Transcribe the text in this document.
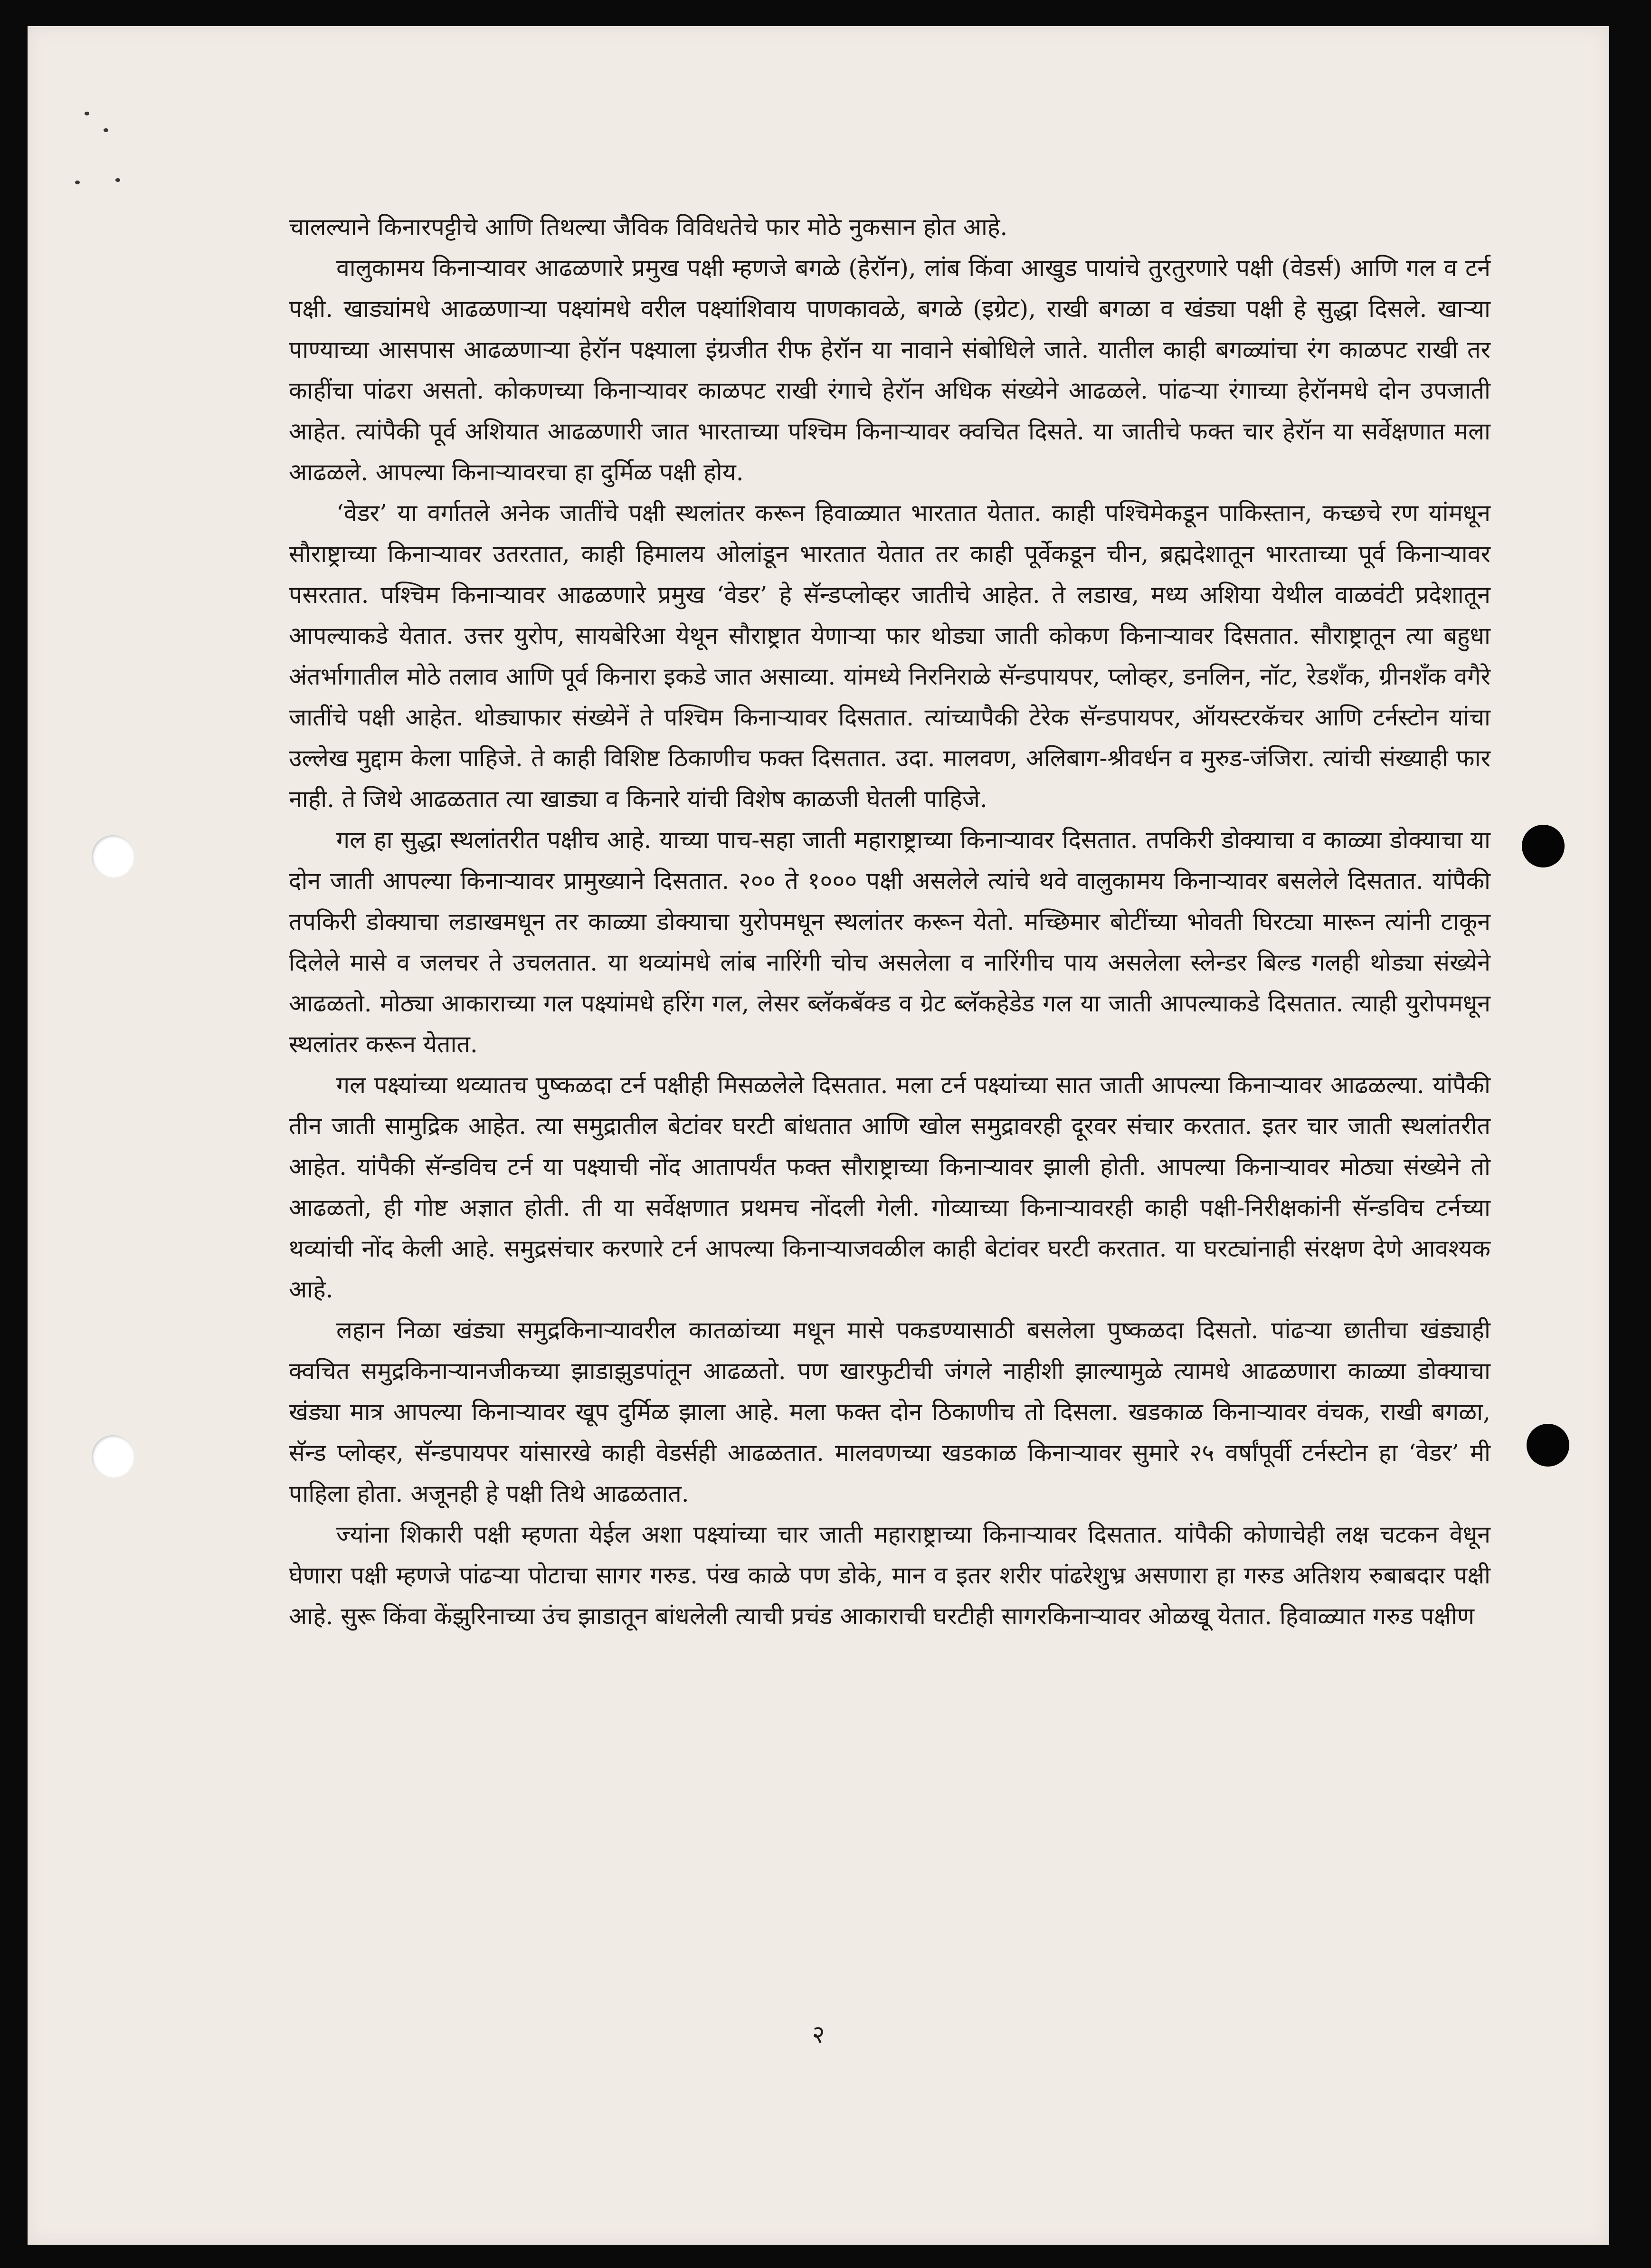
चालल्याने किनारपट्टीचे आणि तिथल्या जैविक विविधतेचे फार मोठे नुकसान होत आहे.

वालुकामय किनाऱ्यावर आढळणारे प्रमुख पक्षी म्हणजे बगळे (हेरॉन), लांब किंवा आखुड पायांचे तुरतुरणारे पक्षी (वेडर्स) आणि गल व टर्न पक्षी. खाड्यांमधे आढळणाऱ्या पक्ष्यांमधे वरील पक्ष्यांशिवाय पाणकावळे, बगळे (इग्रेट), राखी बगळा व खंड्या पक्षी हे सुद्धा दिसले. खाऱ्या पाण्याच्या आसपास आढळणाऱ्या हेरॉन पक्ष्याला इंग्रजीत रीफ हेरॉन या नावाने संबोधिले जाते. यातील काही बगळ्यांचा रंग काळपट राखी तर काहींचा पांढरा असतो. कोकणच्या किनाऱ्यावर काळपट राखी रंगाचे हेरॉन अधिक संख्येने आढळले. पांढऱ्या रंगाच्या हेरॉनमधे दोन उपजाती आहेत. त्यांपैकी पूर्व अशियात आढळणारी जात भारताच्या पश्चिम किनाऱ्यावर क्वचित दिसते. या जातीचे फक्त चार हेरॉन या सर्वेक्षणात मला आढळले. आपल्या किनाऱ्यावरचा हा दुर्मिळ पक्षी होय.

‘वेडर’ या वर्गातले अनेक जातींचे पक्षी स्थलांतर करून हिवाळ्यात भारतात येतात. काही पश्चिमेकडून पाकिस्तान, कच्छचे रण यांमधून सौराष्ट्राच्या किनाऱ्यावर उतरतात, काही हिमालय ओलांडून भारतात येतात तर काही पूर्वेकडून चीन, ब्रह्मदेशातून भारताच्या पूर्व किनाऱ्यावर पसरतात. पश्चिम किनाऱ्यावर आढळणारे प्रमुख ‘वेडर’ हे सॅन्डप्लोव्हर जातीचे आहेत. ते लडाख, मध्य अशिया येथील वाळवंटी प्रदेशातून आपल्याकडे येतात. उत्तर युरोप, सायबेरिआ येथून सौराष्ट्रात येणाऱ्या फार थोड्या जाती कोकण किनाऱ्यावर दिसतात. सौराष्ट्रातून त्या बहुधा अंतर्भागातील मोठे तलाव आणि पूर्व किनारा इकडे जात असाव्या. यांमध्ये निरनिराळे सॅन्डपायपर, प्लोव्हर, डनलिन, नॉट, रेडशँक, ग्रीनशँक वगैरे जातींचे पक्षी आहेत. थोड्याफार संख्येनें ते पश्चिम किनाऱ्यावर दिसतात. त्यांच्यापैकी टेरेक सॅन्डपायपर, ऑयस्टरकॅचर आणि टर्नस्टोन यांचा उल्लेख मुद्दाम केला पाहिजे. ते काही विशिष्ट ठिकाणीच फक्त दिसतात. उदा. मालवण, अलिबाग-श्रीवर्धन व मुरुड-जंजिरा. त्यांची संख्याही फार नाही. ते जिथे आढळतात त्या खाड्या व किनारे यांची विशेष काळजी घेतली पाहिजे.

गल हा सुद्धा स्थलांतरीत पक्षीच आहे. याच्या पाच-सहा जाती महाराष्ट्राच्या किनाऱ्यावर दिसतात. तपकिरी डोक्याचा व काळ्या डोक्याचा या दोन जाती आपल्या किनाऱ्यावर प्रामुख्याने दिसतात. २०० ते १००० पक्षी असलेले त्यांचे थवे वालुकामय किनाऱ्यावर बसलेले दिसतात. यांपैकी तपकिरी डोक्याचा लडाखमधून तर काळ्या डोक्याचा युरोपमधून स्थलांतर करून येतो. मच्छिमार बोटींच्या भोवती घिरट्या मारून त्यांनी टाकून दिलेले मासे व जलचर ते उचलतात. या थव्यांमधे लांब नारिंगी चोच असलेला व नारिंगीच पाय असलेला स्लेन्डर बिल्ड गलही थोड्या संख्येने आढळतो. मोठ्या आकाराच्या गल पक्ष्यांमधे हरिंग गल, लेसर ब्लॅकबॅक्ड व ग्रेट ब्लॅकहेडेड गल या जाती आपल्याकडे दिसतात. त्याही युरोपमधून स्थलांतर करून येतात.

गल पक्ष्यांच्या थव्यातच पुष्कळदा टर्न पक्षीही मिसळलेले दिसतात. मला टर्न पक्ष्यांच्या सात जाती आपल्या किनाऱ्यावर आढळल्या. यांपैकी तीन जाती सामुद्रिक आहेत. त्या समुद्रातील बेटांवर घरटी बांधतात आणि खोल समुद्रावरही दूरवर संचार करतात. इतर चार जाती स्थलांतरीत आहेत. यांपैकी सॅन्डविच टर्न या पक्ष्याची नोंद आतापर्यंत फक्त सौराष्ट्राच्या किनाऱ्यावर झाली होती. आपल्या किनाऱ्यावर मोठ्या संख्येने तो आढळतो, ही गोष्ट अज्ञात होती. ती या सर्वेक्षणात प्रथमच नोंदली गेली. गोव्याच्या किनाऱ्यावरही काही पक्षी-निरीक्षकांनी सॅन्डविच टर्नच्या थव्यांची नोंद केली आहे. समुद्रसंचार करणारे टर्न आपल्या किनाऱ्याजवळील काही बेटांवर घरटी करतात. या घरट्यांनाही संरक्षण देणे आवश्यक आहे.

लहान निळा खंड्या समुद्रकिनाऱ्यावरील कातळांच्या मधून मासे पकडण्यासाठी बसलेला पुष्कळदा दिसतो. पांढऱ्या छातीचा खंड्याही क्वचित समुद्रकिनाऱ्यानजीकच्या झाडाझुडपांतून आढळतो. पण खारफुटीची जंगले नाहीशी झाल्यामुळे त्यामधे आढळणारा काळ्या डोक्याचा खंड्या मात्र आपल्या किनाऱ्यावर खूप दुर्मिळ झाला आहे. मला फक्त दोन ठिकाणीच तो दिसला. खडकाळ किनाऱ्यावर वंचक, राखी बगळा, सॅन्ड प्लोव्हर, सॅन्डपायपर यांसारखे काही वेडर्सही आढळतात. मालवणच्या खडकाळ किनाऱ्यावर सुमारे २५ वर्षांपूर्वी टर्नस्टोन हा ‘वेडर’ मी पाहिला होता. अजूनही हे पक्षी तिथे आढळतात.

ज्यांना शिकारी पक्षी म्हणता येईल अशा पक्ष्यांच्या चार जाती महाराष्ट्राच्या किनाऱ्यावर दिसतात. यांपैकी कोणाचेही लक्ष चटकन वेधून घेणारा पक्षी म्हणजे पांढऱ्या पोटाचा सागर गरुड. पंख काळे पण डोके, मान व इतर शरीर पांढरेशुभ्र असणारा हा गरुड अतिशय रुबाबदार पक्षी आहे. सुरू किंवा केंझुरिनाच्या उंच झाडातून बांधलेली त्याची प्रचंड आकाराची घरटीही सागरकिनाऱ्यावर ओळखू येतात. हिवाळ्यात गरुड पक्षीण

२
